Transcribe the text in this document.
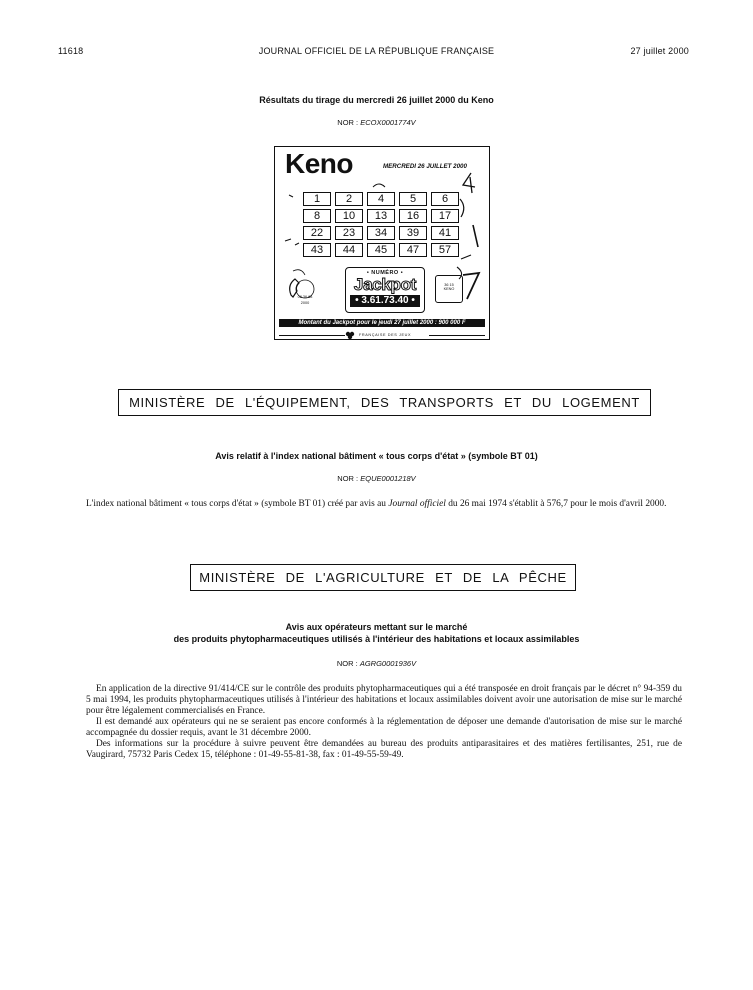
11618	JOURNAL OFFICIEL DE LA RÉPUBLIQUE FRANÇAISE	27 juillet 2000
Résultats du tirage du mercredi 26 juillet 2000 du Keno
NOR : ECOX0001774V
Keno	MERCREDI 26 JUILLET 2000
1	2	4	5	6
8	10	13	16	17
22	23	34	39	41
43	44	45	47	57
08 36 68
2000
• NUMÉRO •
Jackpot
• 3.61.73.40 •
36 15
KENO
Montant du Jackpot pour le jeudi 27 juillet 2000 : 900 000 F
FRANÇAISE DES JEUX
MINISTÈRE DE L'ÉQUIPEMENT, DES TRANSPORTS ET DU LOGEMENT
Avis relatif à l'index national bâtiment « tous corps d'état » (symbole BT 01)
NOR : EQUE0001218V
L'index national bâtiment « tous corps d'état » (symbole BT 01) créé par avis au Journal officiel du 26 mai 1974 s'établit à 576,7 pour le mois d'avril 2000.
MINISTÈRE DE L'AGRICULTURE ET DE LA PÊCHE
Avis aux opérateurs mettant sur le marché
des produits phytopharmaceutiques utilisés à l'intérieur des habitations et locaux assimilables
NOR : AGRG0001936V

En application de la directive 91/414/CE sur le contrôle des produits phytopharmaceutiques qui a été transposée en droit français par le décret n° 94-359 du 5 mai 1994, les produits phytopharmaceutiques utilisés à l'intérieur des habitations et locaux assimilables doivent avoir une autorisation de mise sur le marché pour être légalement commercialisés en France.

Il est demandé aux opérateurs qui ne se seraient pas encore conformés à la réglementation de déposer une demande d'autorisation de mise sur le marché accompagnée du dossier requis, avant le 31 décembre 2000.

Des informations sur la procédure à suivre peuvent être demandées au bureau des produits antiparasitaires et des matières fertilisantes, 251, rue de Vaugirard, 75732 Paris Cedex 15, téléphone : 01-49-55-81-38, fax : 01-49-55-59-49.
